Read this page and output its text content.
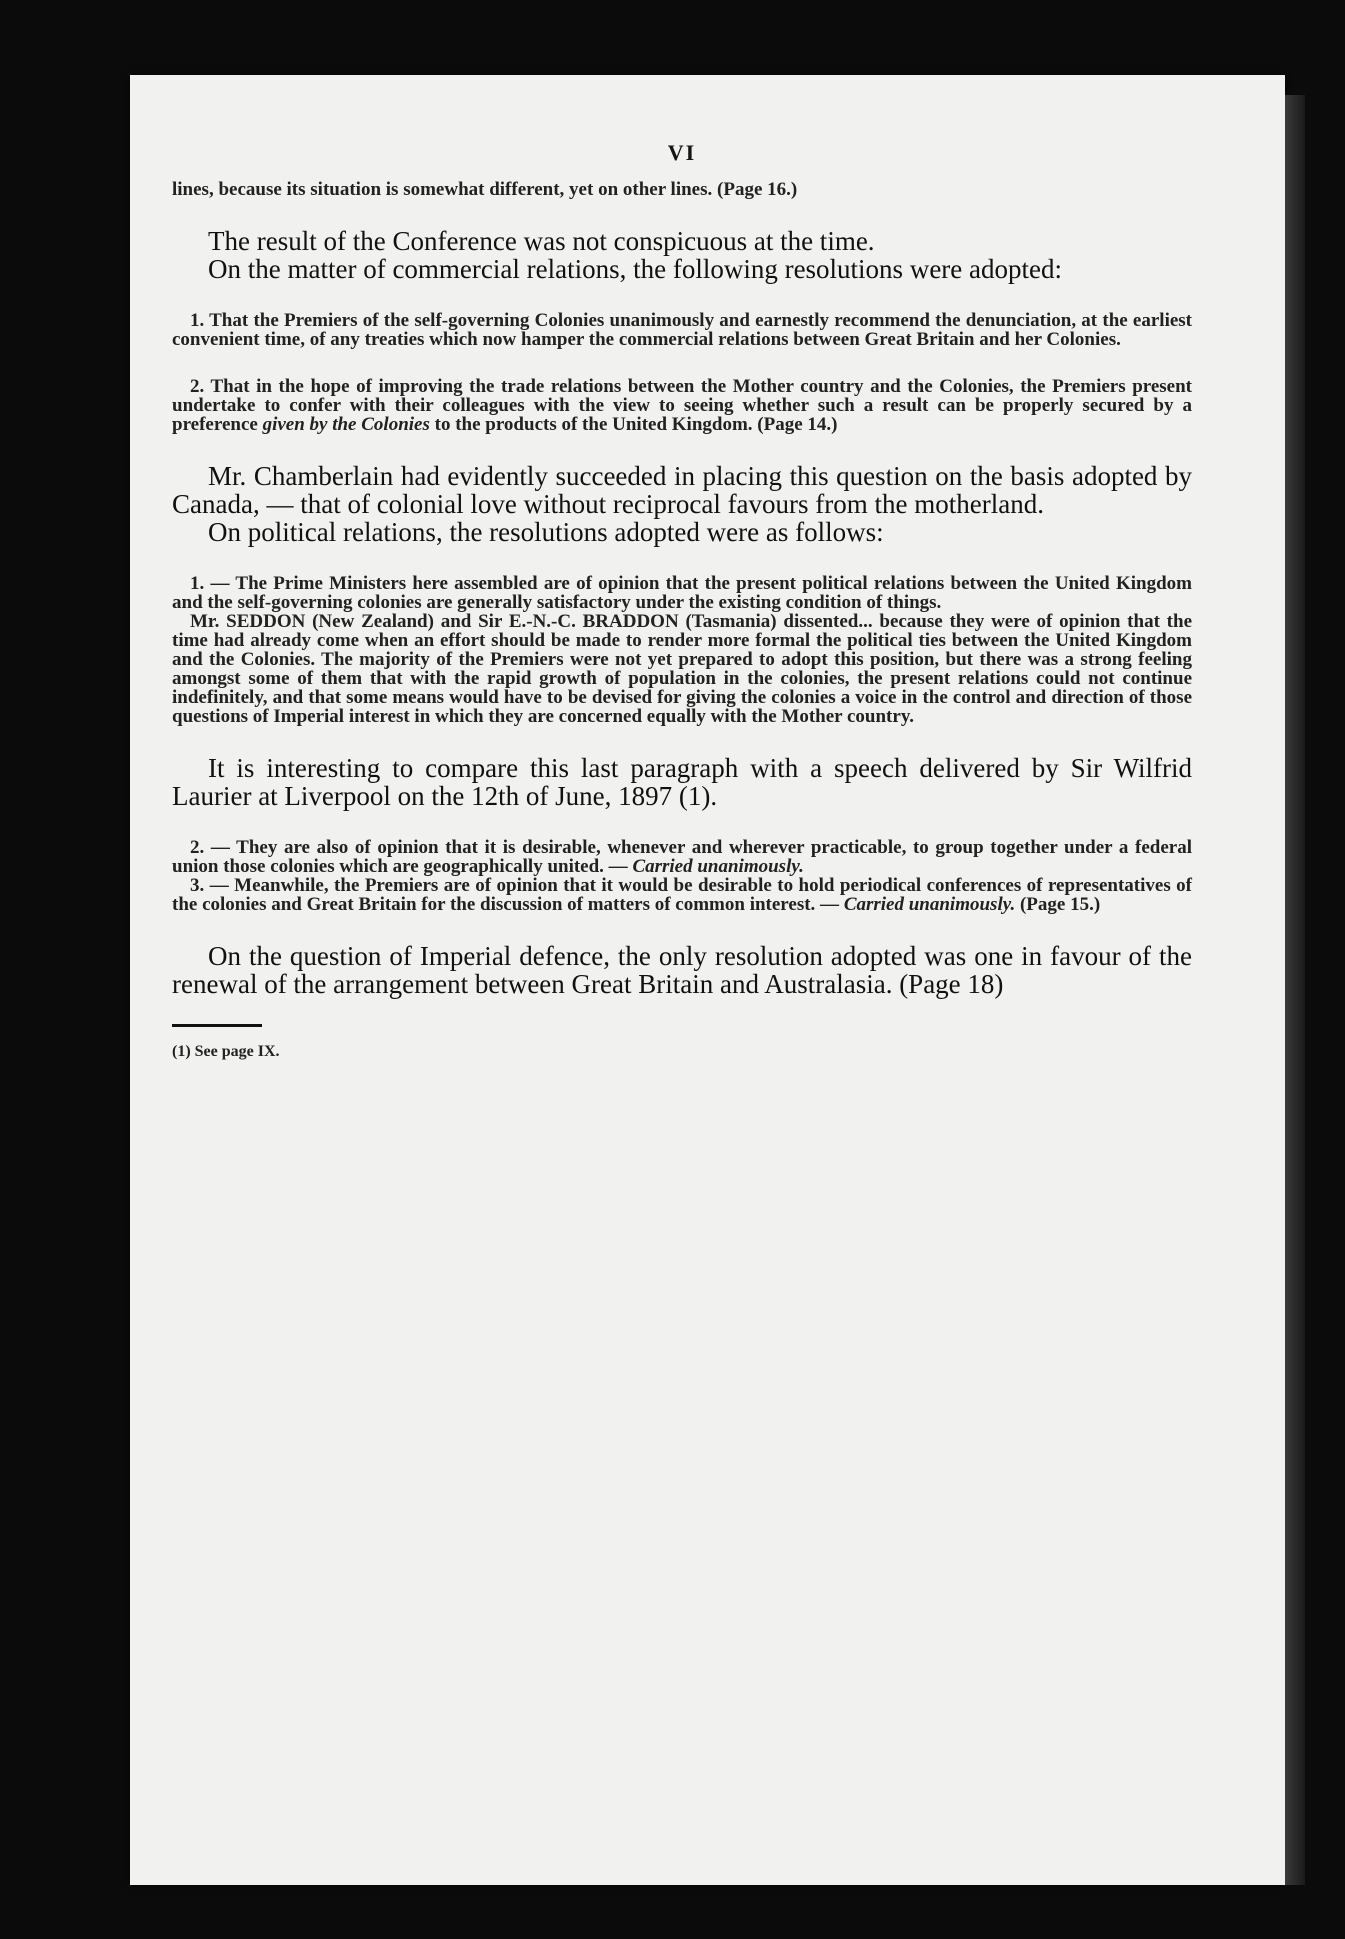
VI

lines, because its situation is somewhat different, yet on other lines. (Page 16.)

The result of the Conference was not conspicuous at the time.

On the matter of commercial relations, the following resolutions were adopted:

1. That the Premiers of the self-governing Colonies unanimously and earnestly recommend the denunciation, at the earliest convenient time, of any treaties which now hamper the commercial relations between Great Britain and her Colonies.

2. That in the hope of improving the trade relations between the Mother country and the Colonies, the Premiers present undertake to confer with their colleagues with the view to seeing whether such a result can be properly secured by a preference given by the Colonies to the products of the United Kingdom. (Page 14.)

Mr. Chamberlain had evidently succeeded in placing this question on the basis adopted by Canada, — that of colonial love without reciprocal favours from the motherland.

On political relations, the resolutions adopted were as follows:

1. — The Prime Ministers here assembled are of opinion that the present political relations between the United Kingdom and the self-governing colonies are generally satisfactory under the existing condition of things.

Mr. SEDDON (New Zealand) and Sir E.-N.-C. BRADDON (Tasmania) dissented... because they were of opinion that the time had already come when an effort should be made to render more formal the political ties between the United Kingdom and the Colonies. The majority of the Premiers were not yet prepared to adopt this position, but there was a strong feeling amongst some of them that with the rapid growth of population in the colonies, the present relations could not continue indefinitely, and that some means would have to be devised for giving the colonies a voice in the control and direction of those questions of Imperial interest in which they are concerned equally with the Mother country.

It is interesting to compare this last paragraph with a speech delivered by Sir Wilfrid Laurier at Liverpool on the 12th of June, 1897 (1).

2. — They are also of opinion that it is desirable, whenever and wherever practicable, to group together under a federal union those colonies which are geographically united. — Carried unanimously.

3. — Meanwhile, the Premiers are of opinion that it would be desirable to hold periodical conferences of representatives of the colonies and Great Britain for the discussion of matters of common interest. — Carried unanimously. (Page 15.)

On the question of Imperial defence, the only resolution adopted was one in favour of the renewal of the arrangement between Great Britain and Australasia. (Page 18)

(1) See page IX.
